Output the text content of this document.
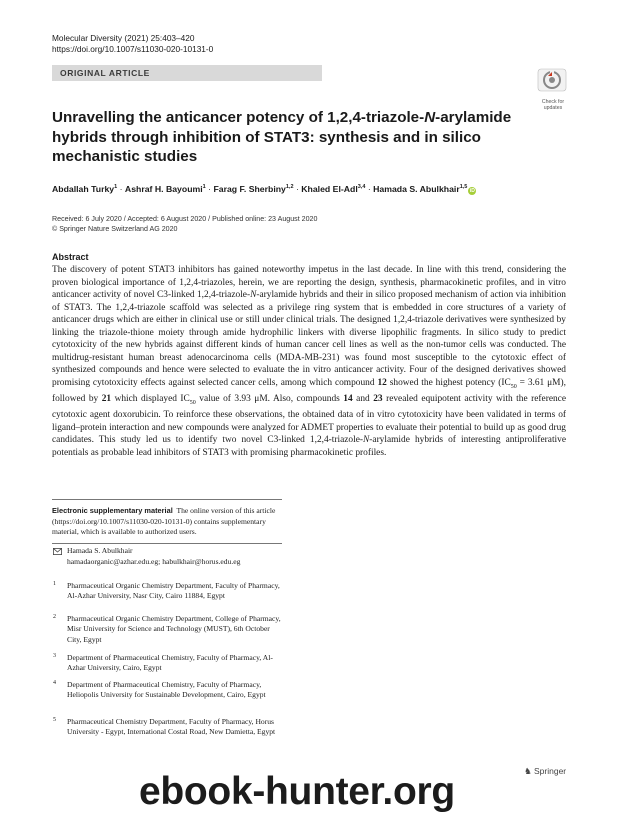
Molecular Diversity (2021) 25:403–420
https://doi.org/10.1007/s11030-020-10131-0
ORIGINAL ARTICLE
Check for
updates
Unravelling the anticancer potency of 1,2,4-triazole-N-arylamide hybrids through inhibition of STAT3: synthesis and in silico mechanistic studies
Abdallah Turky$^1$ · Ashraf H. Bayoumi$^1$ · Farag F. Sherbiny$^{1,2}$ · Khaled El-Adl$^{3,4}$ · Hamada S. Abulkhair$^{1,5}$iD
Received: 6 July 2020 / Accepted: 6 August 2020 / Published online: 23 August 2020
© Springer Nature Switzerland AG 2020
Abstract

The discovery of potent STAT3 inhibitors has gained noteworthy impetus in the last decade. In line with this trend, considering the proven biological importance of 1,2,4-triazoles, herein, we are reporting the design, synthesis, pharmacokinetic profiles, and in vitro anticancer activity of novel C3-linked 1,2,4-triazole-N-arylamide hybrids and their in silico proposed mechanism of action via inhibition of STAT3. The 1,2,4-triazole scaffold was selected as a privilege ring system that is embedded in core structures of a variety of anticancer drugs which are either in clinical use or still under clinical trials. The designed 1,2,4-triazole derivatives were synthesized by linking the triazole-thione moiety through amide hydrophilic linkers with diverse lipophilic fragments. In silico study to predict cytotoxicity of the new hybrids against different kinds of human cancer cell lines as well as the non-tumor cells was conducted. The multidrug-resistant human breast adenocarcinoma cells (MDA-MB-231) was found most susceptible to the cytotoxic effect of synthesized compounds and hence were selected to evaluate the in vitro anticancer activity. Four of the designed derivatives showed promising cytotoxicity effects against selected cancer cells, among which compound 12 showed the highest potency ($IC_{50} = 3.61$ μM), followed by 21 which displayed $IC_{50}$ value of 3.93 μM. Also, compounds 14 and 23 revealed equipotent activity with the reference cytotoxic agent doxorubicin. To reinforce these observations, the obtained data of in vitro cytotoxicity have been validated in terms of ligand–protein interaction and new compounds were analyzed for ADMET properties to evaluate their potential to build up as good drug candidates. This study led us to identify two novel C3-linked 1,2,4-triazole-N-arylamide hybrids of interesting antiproliferative potentials as probable lead inhibitors of STAT3 with promising pharmacokinetic profiles.

Electronic supplementary material The online version of this article (https://doi.org/10.1007/s11030-020-10131-0) contains supplementary material, which is available to authorized users.
Hamada S. Abulkhair
hamadaorganic@azhar.edu.eg; habulkhair@horus.edu.eg
1 Pharmaceutical Organic Chemistry Department, Faculty of Pharmacy, Al-Azhar University, Nasr City, Cairo 11884, Egypt
2 Pharmaceutical Organic Chemistry Department, College of Pharmacy, Misr University for Science and Technology (MUST), 6th October City, Egypt
3 Department of Pharmaceutical Chemistry, Faculty of Pharmacy, Al-Azhar University, Cairo, Egypt
4 Department of Pharmaceutical Chemistry, Faculty of Pharmacy, Heliopolis University for Sustainable Development, Cairo, Egypt
5 Pharmaceutical Chemistry Department, Faculty of Pharmacy, Horus University - Egypt, International Costal Road, New Damietta, Egypt
♞ Springer
ebook-hunter.org
